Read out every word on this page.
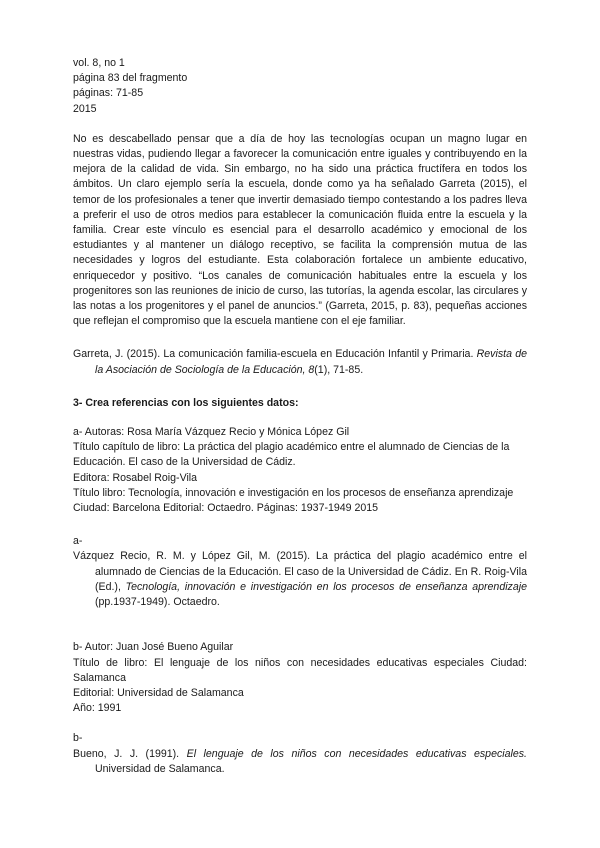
vol. 8, no 1
página 83 del fragmento
páginas: 71-85
2015
No es descabellado pensar que a día de hoy las tecnologías ocupan un magno lugar en nuestras vidas, pudiendo llegar a favorecer la comunicación entre iguales y contribuyendo en la mejora de la calidad de vida. Sin embargo, no ha sido una práctica fructífera en todos los ámbitos. Un claro ejemplo sería la escuela, donde como ya ha señalado Garreta (2015), el temor de los profesionales a tener que invertir demasiado tiempo contestando a los padres lleva a preferir el uso de otros medios para establecer la comunicación fluida entre la escuela y la familia. Crear este vínculo es esencial para el desarrollo académico y emocional de los estudiantes y al mantener un diálogo receptivo, se facilita la comprensión mutua de las necesidades y logros del estudiante. Esta colaboración fortalece un ambiente educativo, enriquecedor y positivo. “Los canales de comunicación habituales entre la escuela y los progenitores son las reuniones de inicio de curso, las tutorías, la agenda escolar, las circulares y las notas a los progenitores y el panel de anuncios.” (Garreta, 2015, p. 83), pequeñas acciones que reflejan el compromiso que la escuela mantiene con el eje familiar.
Garreta, J. (2015). La comunicación familia-escuela en Educación Infantil y Primaria. Revista de la Asociación de Sociología de la Educación, 8(1), 71-85.
3- Crea referencias con los siguientes datos:
a- Autoras: Rosa María Vázquez Recio y Mónica López Gil
Título capítulo de libro: La práctica del plagio académico entre el alumnado de Ciencias de la Educación. El caso de la Universidad de Cádiz.
Editora: Rosabel Roig-Vila
Título libro: Tecnología, innovación e investigación en los procesos de enseñanza aprendizaje
Ciudad: Barcelona Editorial: Octaedro. Páginas: 1937-1949 2015
a-
Vázquez Recio, R. M. y López Gil, M. (2015). La práctica del plagio académico entre el alumnado de Ciencias de la Educación. El caso de la Universidad de Cádiz. En R. Roig-Vila (Ed.), Tecnología, innovación e investigación en los procesos de enseñanza aprendizaje (pp.1937-1949). Octaedro.
b- Autor: Juan José Bueno Aguilar
Título de libro: El lenguaje de los niños con necesidades educativas especiales Ciudad: Salamanca
Editorial: Universidad de Salamanca
Año: 1991
b-
Bueno, J. J. (1991). El lenguaje de los niños con necesidades educativas especiales. Universidad de Salamanca.
